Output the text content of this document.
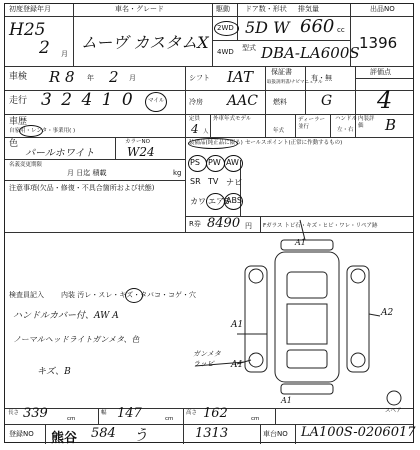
初度登録年月	車名・グレード	駆動 ドア数・形状 排気量	出品NO
H25
2 月
ムーヴ カスタムX
2WD
4WD
5D W 660 cc
型式 DBA-LA600S
1396
車検 R 8 年 2 月	シフト IAT	保証書
取扱説明書/ナビマニュアル
有・無
評価点
4
走行 3 2 4 1 0 マイル	冷房 AAC 燃料 G
車歴
自家用・レンタ・事業用( )
定員
4 人
外車年式モデル
年式
ディーラー 並行
ハンドル
左・右
内装評価	B
色
パールホワイト
カラーNO
W24
名義変更期限
月 日迄 積載	kg
注意事項(欠品・修復・不具合箇所および状態)
装備品(純正品に限る) セールスポイント(正常に作動するもの)
R券 8490 円 Fガラス トビ石・キズ・ヒビ・ワレ・リペア跡
検査員記入 内装 汚レ・スレ・キズ・タバコ・コゲ・穴
ハンドルカバー付、AW A
ノーマルヘッドライトガンメタ、色
キズ、B
A1
A2
A1
A1
ガンメタ ラッピ
A1
スペア
長さ 339	cm
幅 147	cm
高さ 162	cm
登録NO 熊谷 584 う	1313	車台NO LA100S-0206017
PS PW AW
SR TV ナビ
カワ エアB
ABS
